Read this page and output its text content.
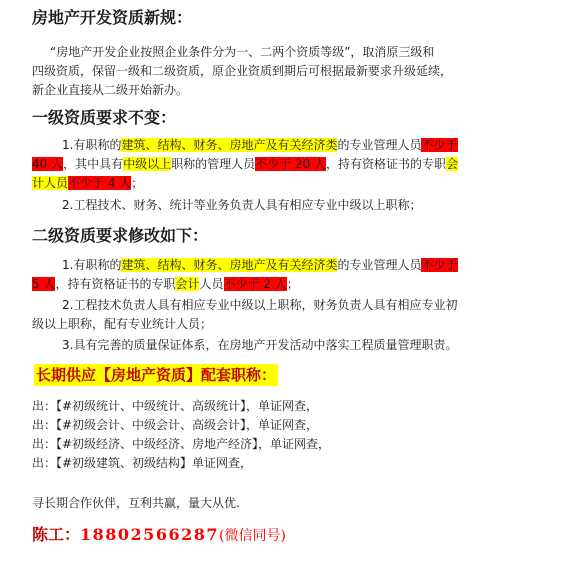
房地产开发资质新规：
“房地产开发企业按照企业条件分为一、二两个资质等级”，取消原三级和
四级资质，保留一级和二级资质，原企业资质到期后可根据最新要求升级延续，
新企业直接从二级开始新办。
一级资质要求不变：
1.有职称的建筑、结构、财务、房地产及有关经济类的专业管理人员不少于
40 人，其中具有中级以上职称的管理人员不少于 20 人，持有资格证书的专职会
计人员不少于 4 人；
2.工程技术、财务、统计等业务负责人具有相应专业中级以上职称；
二级资质要求修改如下：
1.有职称的建筑、结构、财务、房地产及有关经济类的专业管理人员不少于
5 人，持有资格证书的专职会计人员不少于 2 人；
2.工程技术负责人具有相应专业中级以上职称，财务负责人具有相应专业初
级以上职称，配有专业统计人员；
3.具有完善的质量保证体系，在房地产开发活动中落实工程质量管理职责。
长期供应【房地产资质】配套职称：
出：【#初级统计、中级统计、高级统计】，单证网查，
出：【#初级会计、中级会计、高级会计】，单证网查，
出：【#初级经济、中级经济、房地产经济】，单证网查，
出：【#初级建筑、初级结构】单证网查，
寻长期合作伙伴，互利共赢，量大从优.
陈工：18802566287(微信同号)
